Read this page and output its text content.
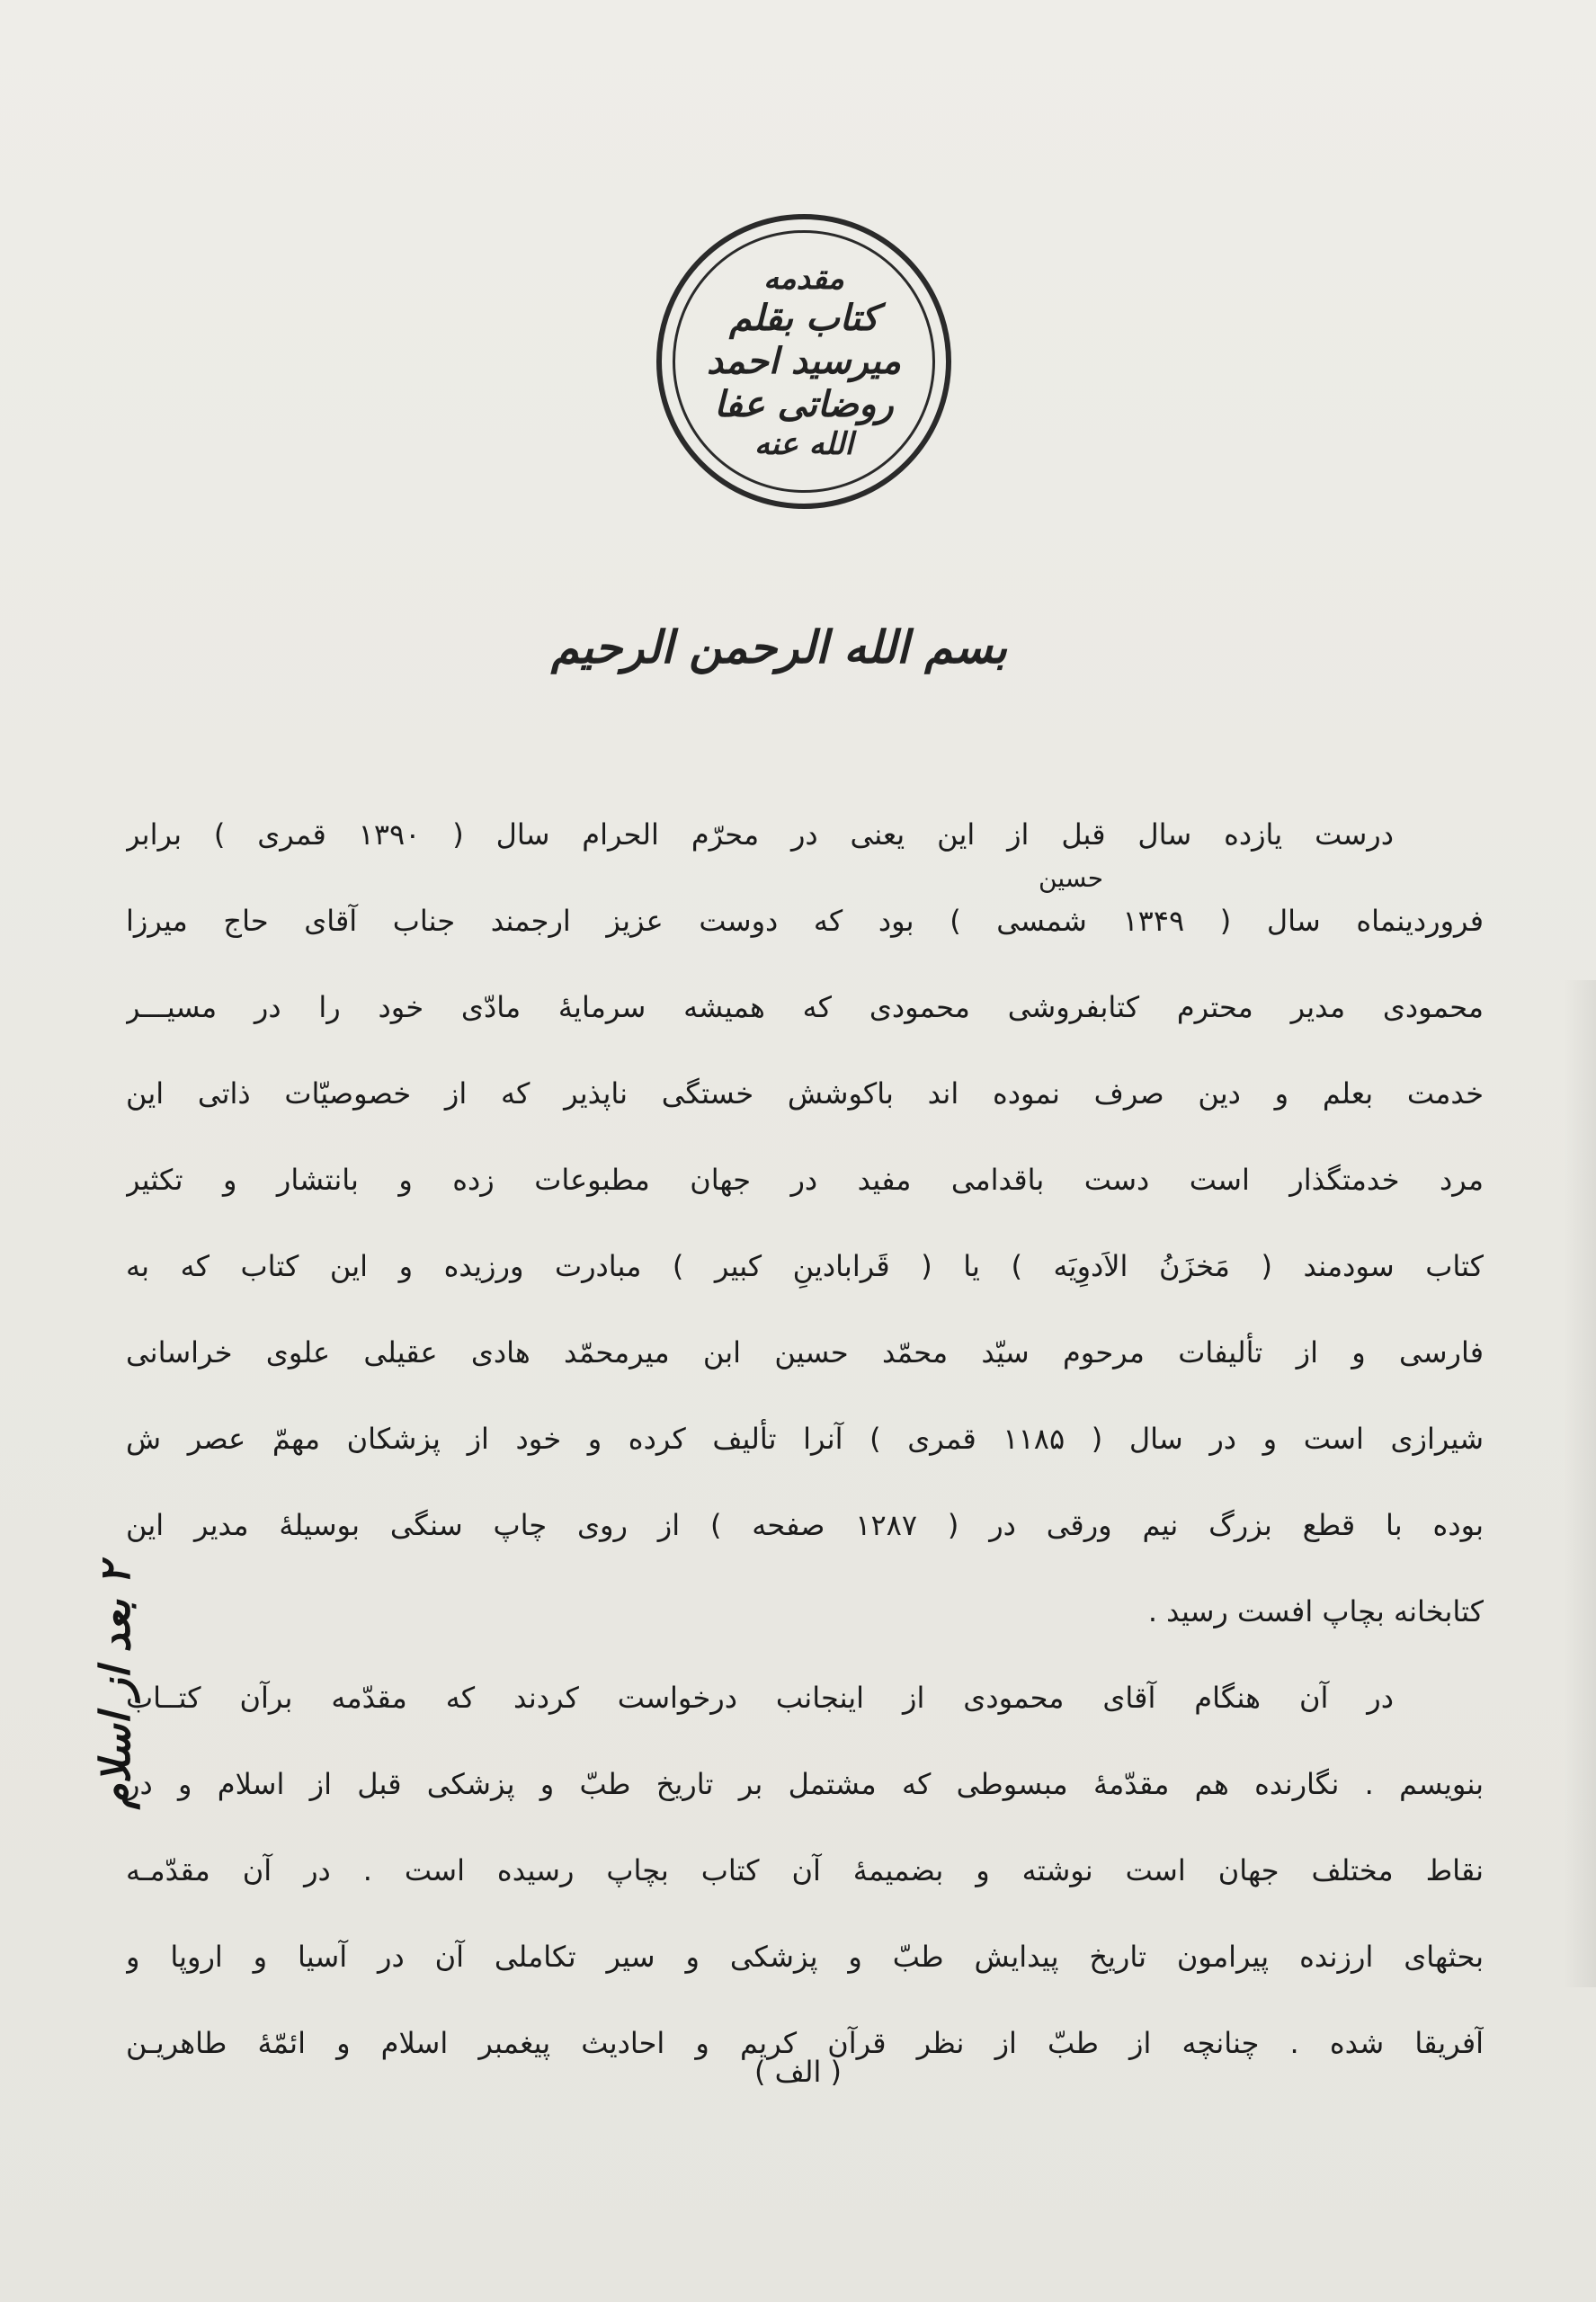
مقدمه
کتاب بقلم
میرسید احمد
روضاتی عفا
الله عنه
بسم الله الرحمن الرحیم
حسین
درست یازده سال قبل از این یعنی در محرّم الحرام سال ( ۱۳۹۰ قمری ) برابر
فروردینماه سال ( ۱۳۴۹ شمسی ) بود که دوست عزیز ارجمند جناب آقای حاج میرزا
محمودی مدیر محترم کتابفروشی محمودی که همیشه سرمایهٔ مادّی خود را در مسیـــر
خدمت بعلم و دین صرف نموده اند باکوشش خستگی ناپذیر که از خصوصیّات ذاتی این
مرد خدمتگذار است دست باقدامی مفید در جهان مطبوعات زده و بانتشار و تکثیر
کتاب سودمند ( مَخزَنُ الاَدوِیَه ) یا ( قَرابادینِ کبیر ) مبادرت ورزیده و این کتاب که به
فارسی و از تألیفات مرحوم سیّد محمّد حسین ابن میرمحمّد هادی عقیلی علوی خراسانی
شیرازی است و در سال ( ۱۱۸۵ قمری ) آنرا تألیف کرده و خود از پزشکان مهمّ عصر ش
بوده با قطع بزرگ نیم ورقی در ( ۱۲۸۷ صفحه ) از روی چاپ سنگی بوسیلهٔ مدیر این
کتابخانه بچاپ افست رسید .
در آن هنگام آقای محمودی از اینجانب درخواست کردند که مقدّمه برآن کتــاب
بنویسم . نگارنده هم مقدّمهٔ مبسوطی که مشتمل بر تاریخ طبّ و پزشکی قبل از اسلام و در
نقاط مختلف جهان است نوشته و بضمیمهٔ آن کتاب بچاپ رسیده است . در آن مقدّمـه
بحثهای ارزنده پیرامون تاریخ پیدایش طبّ و پزشکی و سیر تکاملی آن در آسیا و اروپا و
آفریقا شده . چنانچه از طبّ از نظر قرآن کریم و احادیث پیغمبر اسلام و ائمّهٔ طاهریـن
( الف )
۲ بعد از اسلام
